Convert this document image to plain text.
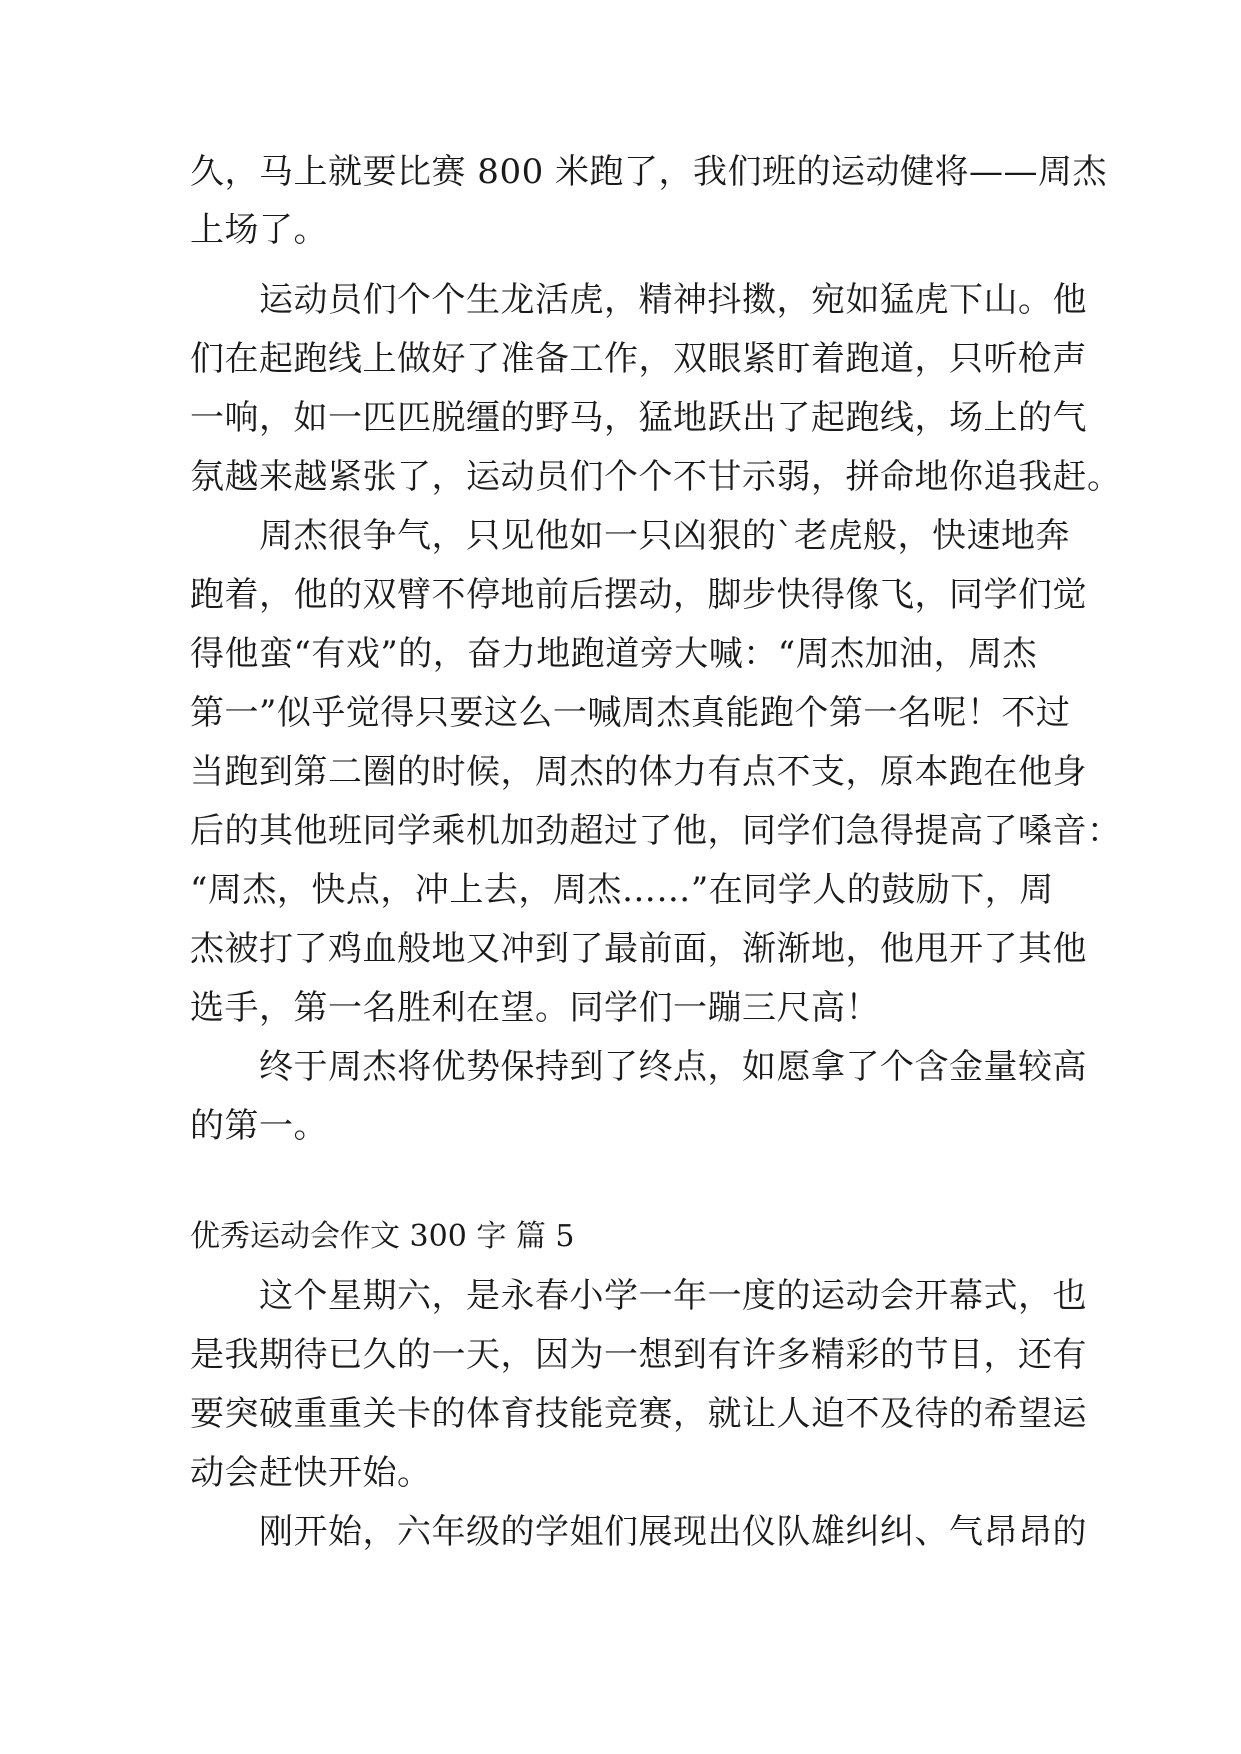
久，马上就要比赛 800 米跑了，我们班的运动健将——周杰
上场了。
　　运动员们个个生龙活虎，精神抖擞，宛如猛虎下山。他
们在起跑线上做好了准备工作，双眼紧盯着跑道，只听枪声
一响，如一匹匹脱缰的野马，猛地跃出了起跑线，场上的气
氛越来越紧张了，运动员们个个不甘示弱，拼命地你追我赶。
　　周杰很争气，只见他如一只凶狠的`老虎般，快速地奔
跑着，他的双臂不停地前后摆动，脚步快得像飞，同学们觉
得他蛮“有戏”的，奋力地跑道旁大喊：“周杰加油，周杰
第一”似乎觉得只要这么一喊周杰真能跑个第一名呢！不过
当跑到第二圈的时候，周杰的体力有点不支，原本跑在他身
后的其他班同学乘机加劲超过了他，同学们急得提高了嗓音：
“周杰，快点，冲上去，周杰……”在同学人的鼓励下，周
杰被打了鸡血般地又冲到了最前面，渐渐地，他甩开了其他
选手，第一名胜利在望。同学们一蹦三尺高！
　　终于周杰将优势保持到了终点，如愿拿了个含金量较高
的第一。
优秀运动会作文 300 字 篇 5
　　这个星期六，是永春小学一年一度的运动会开幕式，也
是我期待已久的一天，因为一想到有许多精彩的节目，还有
要突破重重关卡的体育技能竞赛，就让人迫不及待的希望运
动会赶快开始。
　　刚开始，六年级的学姐们展现出仪队雄纠纠、气昂昂的
